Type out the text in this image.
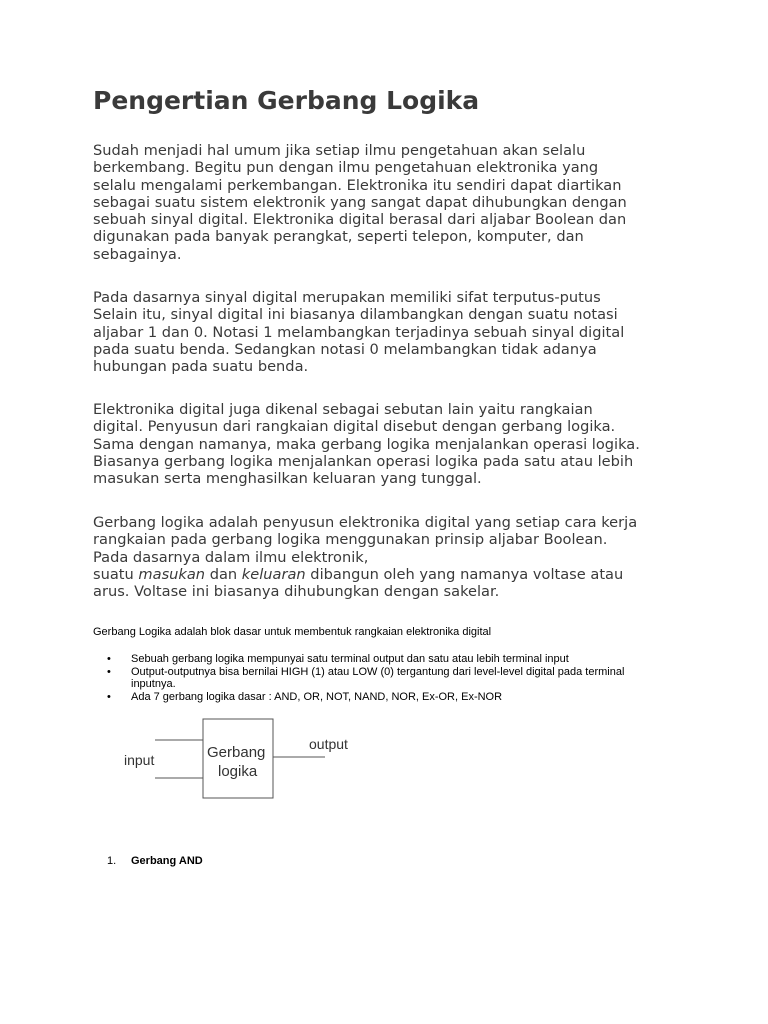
Pengertian Gerbang Logika
Sudah menjadi hal umum jika setiap ilmu pengetahuan akan selalu
berkembang. Begitu pun dengan ilmu pengetahuan elektronika yang
selalu mengalami perkembangan. Elektronika itu sendiri dapat diartikan
sebagai suatu sistem elektronik yang sangat dapat dihubungkan dengan
sebuah sinyal digital. Elektronika digital berasal dari aljabar Boolean dan
digunakan pada banyak perangkat, seperti telepon, komputer, dan
sebagainya.
Pada dasarnya sinyal digital merupakan memiliki sifat terputus-putus
Selain itu, sinyal digital ini biasanya dilambangkan dengan suatu notasi
aljabar 1 dan 0. Notasi 1 melambangkan terjadinya sebuah sinyal digital
pada suatu benda. Sedangkan notasi 0 melambangkan tidak adanya
hubungan pada suatu benda.
Elektronika digital juga dikenal sebagai sebutan lain yaitu rangkaian
digital. Penyusun dari rangkaian digital disebut dengan gerbang logika.
Sama dengan namanya, maka gerbang logika menjalankan operasi logika.
Biasanya gerbang logika menjalankan operasi logika pada satu atau lebih
masukan serta menghasilkan keluaran yang tunggal.
Gerbang logika adalah penyusun elektronika digital yang setiap cara kerja
rangkaian pada gerbang logika menggunakan prinsip aljabar Boolean.
Pada dasarnya dalam ilmu elektronik,
suatu masukan dan keluaran dibangun oleh yang namanya voltase atau
arus. Voltase ini biasanya dihubungkan dengan sakelar.

Gerbang Logika adalah blok dasar untuk membentuk rangkaian elektronika digital

• Sebuah gerbang logika mempunyai satu terminal output dan satu atau lebih terminal input
• Output-outputnya bisa bernilai HIGH (1) atau LOW (0) tergantung dari level-level digital pada terminal inputnya.
• Ada 7 gerbang logika dasar : AND, OR, NOT, NAND, NOR, Ex-OR, Ex-NOR
input
output
Gerbang
logika
1. Gerbang AND
